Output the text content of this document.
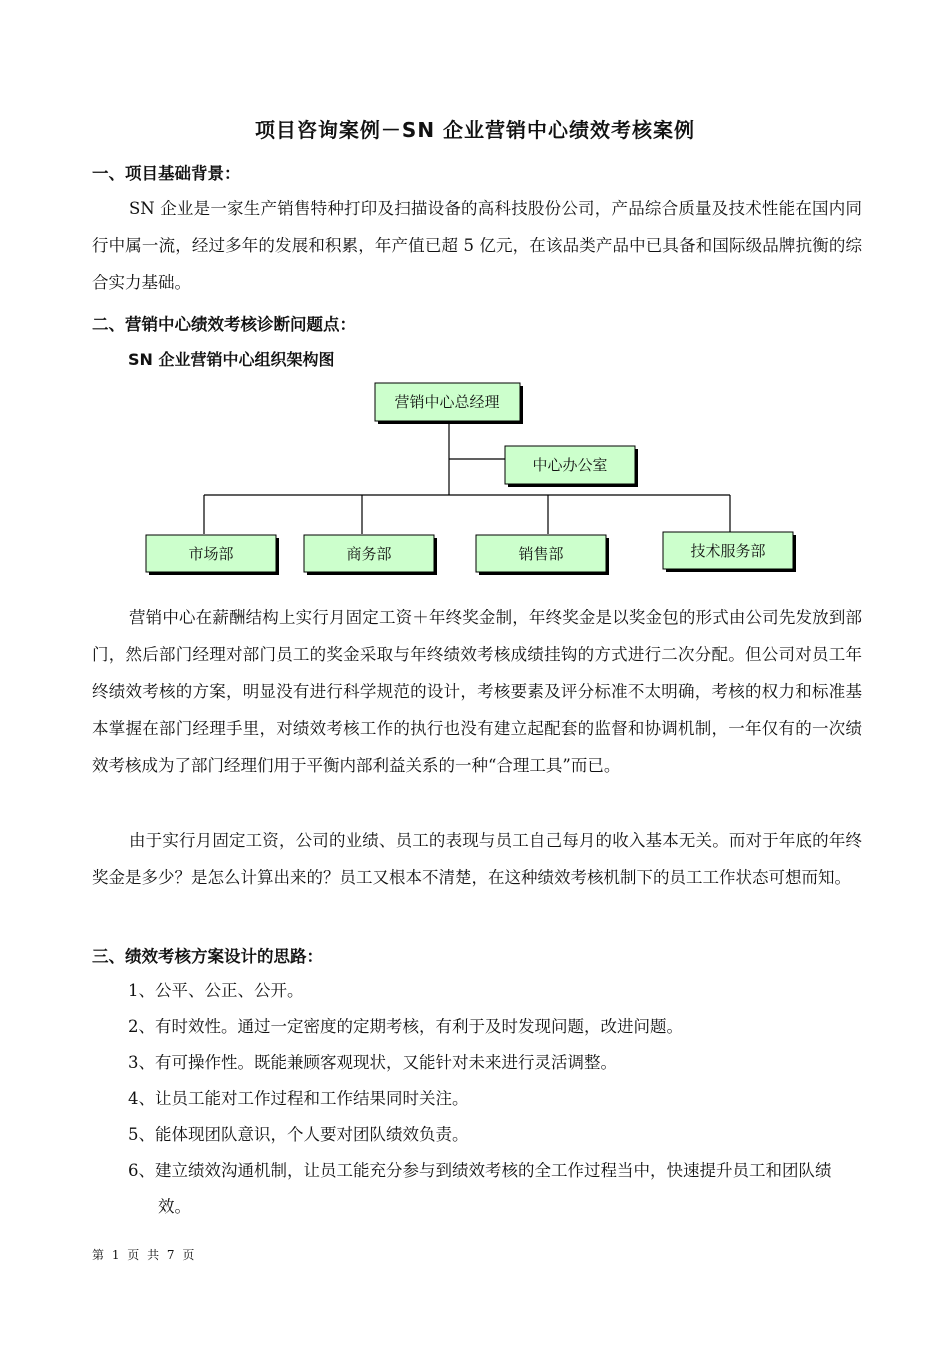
项目咨询案例－SN 企业营销中心绩效考核案例
一、项目基础背景：
SN 企业是一家生产销售特种打印及扫描设备的高科技股份公司，产品综合质量及技术性能在国内同行中属一流，经过多年的发展和积累，年产值已超 5 亿元，在该品类产品中已具备和国际级品牌抗衡的综合实力基础。
二、营销中心绩效考核诊断问题点：
SN 企业营销中心组织架构图
营销中心总经理
中心办公室
市场部	商务部	销售部	技术服务部
营销中心在薪酬结构上实行月固定工资＋年终奖金制，年终奖金是以奖金包的形式由公司先发放到部门，然后部门经理对部门员工的奖金采取与年终绩效考核成绩挂钩的方式进行二次分配。但公司对员工年终绩效考核的方案，明显没有进行科学规范的设计，考核要素及评分标准不太明确，考核的权力和标准基本掌握在部门经理手里，对绩效考核工作的执行也没有建立起配套的监督和协调机制，一年仅有的一次绩效考核成为了部门经理们用于平衡内部利益关系的一种“合理工具”而已。
由于实行月固定工资，公司的业绩、员工的表现与员工自己每月的收入基本无关。而对于年底的年终奖金是多少？是怎么计算出来的？员工又根本不清楚，在这种绩效考核机制下的员工工作状态可想而知。
三、绩效考核方案设计的思路：
1、公平、公正、公开。
2、有时效性。通过一定密度的定期考核，有利于及时发现问题，改进问题。
3、有可操作性。既能兼顾客观现状，又能针对未来进行灵活调整。
4、让员工能对工作过程和工作结果同时关注。
5、能体现团队意识，个人要对团队绩效负责。
6、建立绩效沟通机制，让员工能充分参与到绩效考核的全工作过程当中，快速提升员工和团队绩效。
第 1 页 共 7 页
